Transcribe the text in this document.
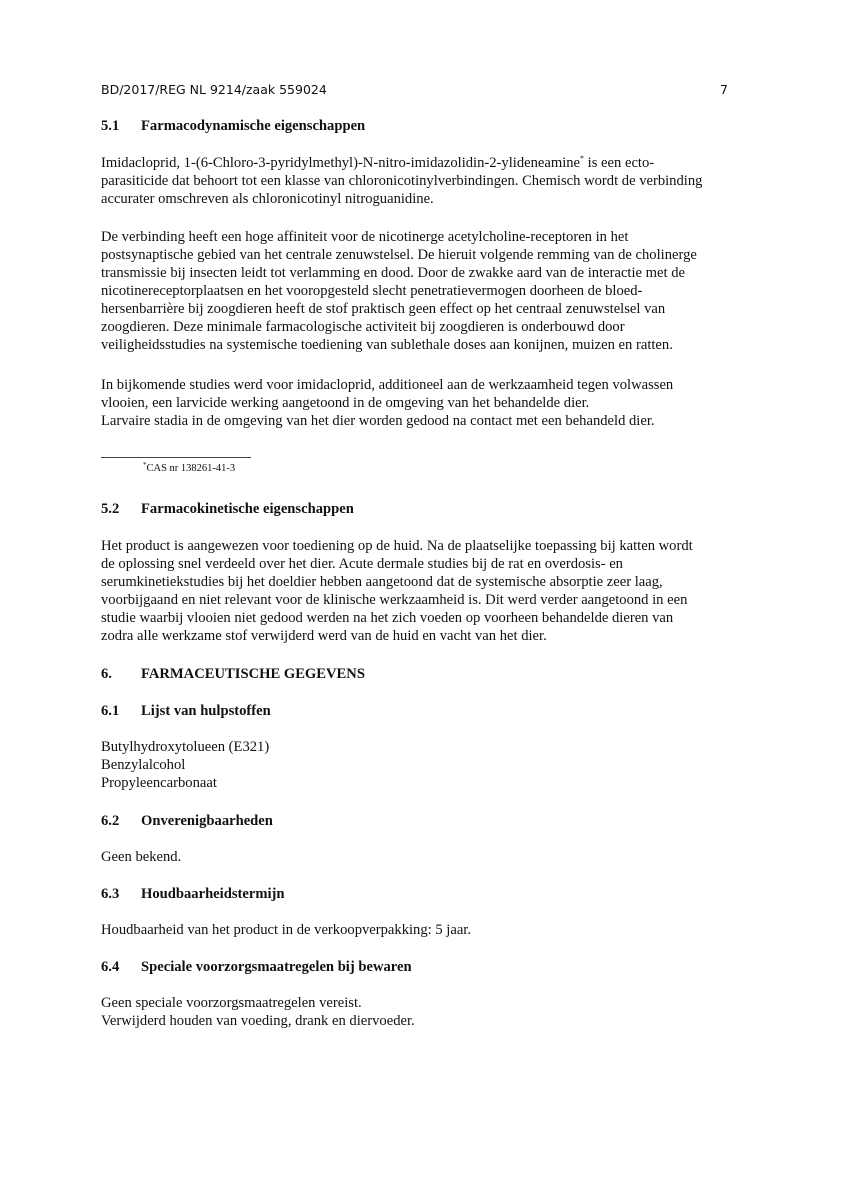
BD/2017/REG NL 9214/zaak 559024	7
5.1 Farmacodynamische eigenschappen
Imidacloprid, 1-(6-Chloro-3-pyridylmethyl)-N-nitro-imidazolidin-2-ylideneamine* is een ecto-
parasiticide dat behoort tot een klasse van chloronicotinylverbindingen. Chemisch wordt de verbinding
accurater omschreven als chloronicotinyl nitroguanidine.
De verbinding heeft een hoge affiniteit voor de nicotinerge acetylcholine-receptoren in het
postsynaptische gebied van het centrale zenuwstelsel. De hieruit volgende remming van de cholinerge
transmissie bij insecten leidt tot verlamming en dood. Door de zwakke aard van de interactie met de
nicotinereceptorplaatsen en het vooropgesteld slecht penetratievermogen doorheen de bloed-
hersenbarrière bij zoogdieren heeft de stof praktisch geen effect op het centraal zenuwstelsel van
zoogdieren. Deze minimale farmacologische activiteit bij zoogdieren is onderbouwd door
veiligheidsstudies na systemische toediening van sublethale doses aan konijnen, muizen en ratten.
In bijkomende studies werd voor imidacloprid, additioneel aan de werkzaamheid tegen volwassen
vlooien, een larvicide werking aangetoond in de omgeving van het behandelde dier.
Larvaire stadia in de omgeving van het dier worden gedood na contact met een behandeld dier.
*CAS nr 138261-41-3
5.2 Farmacokinetische eigenschappen
Het product is aangewezen voor toediening op de huid. Na de plaatselijke toepassing bij katten wordt
de oplossing snel verdeeld over het dier. Acute dermale studies bij de rat en overdosis- en
serumkinetiekstudies bij het doeldier hebben aangetoond dat de systemische absorptie zeer laag,
voorbijgaand en niet relevant voor de klinische werkzaamheid is. Dit werd verder aangetoond in een
studie waarbij vlooien niet gedood werden na het zich voeden op voorheen behandelde dieren van
zodra alle werkzame stof verwijderd werd van de huid en vacht van het dier.
6. FARMACEUTISCHE GEGEVENS
6.1 Lijst van hulpstoffen
Butylhydroxytolueen (E321)
Benzylalcohol
Propyleencarbonaat
6.2 Onverenigbaarheden
Geen bekend.
6.3 Houdbaarheidstermijn
Houdbaarheid van het product in de verkoopverpakking: 5 jaar.
6.4 Speciale voorzorgsmaatregelen bij bewaren
Geen speciale voorzorgsmaatregelen vereist.
Verwijderd houden van voeding, drank en diervoeder.
